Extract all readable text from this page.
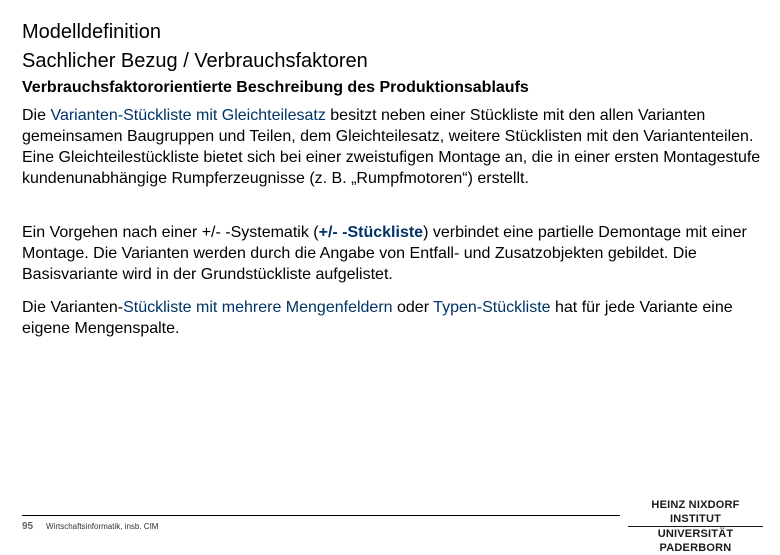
Modelldefinition
Sachlicher Bezug / Verbrauchsfaktoren
Verbrauchsfaktororientierte Beschreibung des Produktionsablaufs
Die Varianten-Stückliste mit Gleichteilesatz besitzt neben einer Stückliste mit den allen Varianten gemeinsamen Baugruppen und Teilen, dem Gleichteilesatz, weitere Stücklisten mit den Variantenteilen. Eine Gleichteilestückliste bietet sich bei einer zweistufigen Montage an, die in einer ersten Montagestufe kundenunabhängige Rumpferzeugnisse (z. B. „Rumpfmotoren“) erstellt.
Ein Vorgehen nach einer +/- -Systematik (+/- -Stückliste) verbindet eine partielle Demontage mit einer Montage. Die Varianten werden durch die Angabe von Entfall- und Zusatzobjekten gebildet. Die Basisvariante wird in der Grundstückliste aufgelistet.
Die Varianten-Stückliste mit mehrere Mengenfeldern oder Typen-Stückliste hat für jede Variante eine eigene Mengenspalte.
95 Wirtschaftsinformatik, insb. CIM
HEINZ NIXDORF INSTITUT
UNIVERSITÄT PADERBORN
